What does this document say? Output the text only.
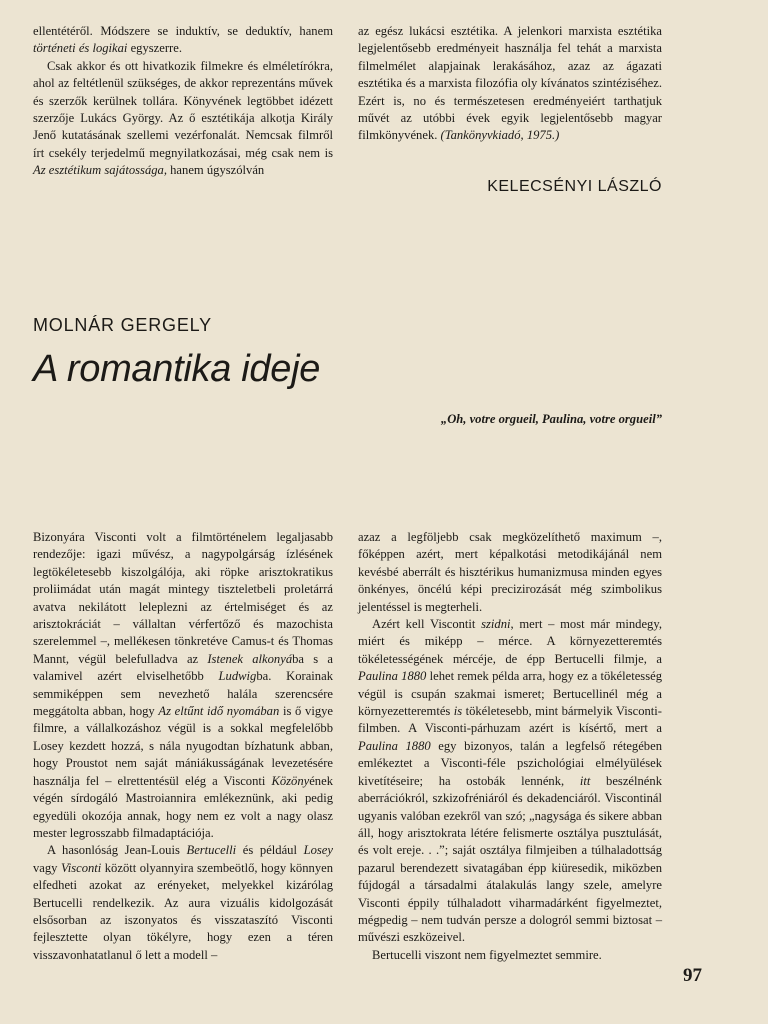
ellentétéről. Módszere se induktív, se deduktív, hanem történeti és logikai egyszerre.

Csak akkor és ott hivatkozik filmekre és elméletírókra, ahol az feltétlenül szükséges, de akkor reprezentáns művek és szerzők kerülnek tollára. Könyvének legtöbbet idézett szerzője Lukács György. Az ő esztétikája alkotja Király Jenő kutatásának szellemi vezérfonalát. Nemcsak filmről írt csekély terjedelmű megnyilatkozásai, még csak nem is Az esztétikum sajátossága, hanem úgyszólván

az egész lukácsi esztétika. A jelenkori marxista esztétika legjelentősebb eredményeit használja fel tehát a marxista filmelmélet alapjainak lerakásához, azaz az ágazati esztétika és a marxista filozófia oly kívánatos szintéziséhez. Ezért is, no és természetesen eredményeiért tarthatjuk művét az utóbbi évek egyik legjelentősebb magyar filmkönyvének. (Tankönyvkiadó, 1975.)

KELECSÉNYI LÁSZLÓ
MOLNÁR GERGELY
A romantika ideje
„Oh, votre orgueil, Paulina, votre orgueil”

Bizonyára Visconti volt a filmtörténelem legaljasabb rendezője: igazi művész, a nagypolgárság ízlésének legtökéletesebb kiszolgálója, aki röpke arisztokratikus proliimádat után magát mintegy tiszteletbeli proletárrá avatva nekilátott leleplezni az értelmiséget és az arisztokráciát – vállaltan vérfertőző és mazochista szerelemmel –, mellékesen tönkretéve Camus-t és Thomas Mannt, végül belefulladva az Istenek alkonyába s a valamivel azért elviselhetőbb Ludwigba. Korainak semmiképpen sem nevezhető halála szerencsére meggátolta abban, hogy Az eltűnt idő nyomában is ő vigye filmre, a vállalkozáshoz végül is a sokkal megfelelőbb Losey kezdett hozzá, s nála nyugodtan bízhatunk abban, hogy Proustot nem saját mániákusságának levezetésére használja fel – elrettentésül elég a Visconti Közönyének végén sírdogáló Mastroiannira emlékeznünk, aki pedig egyedüli okozója annak, hogy nem ez volt a nagy olasz mester legrosszabb filmadaptációja.

A hasonlóság Jean-Louis Bertucelli és például Losey vagy Visconti között olyannyira szembeötlő, hogy könnyen elfedheti azokat az erényeket, melyekkel kizárólag Bertucelli rendelkezik. Az aura vizuális kidolgozását elsősorban az iszonyatos és visszataszító Visconti fejlesztette olyan tökélyre, hogy ezen a téren visszavonhatatlanul ő lett a modell –

azaz a legföljebb csak megközelíthető maximum –, főképpen azért, mert képalkotási metodikájánál nem kevésbé aberrált és hisztérikus humanizmusa minden egyes önkényes, öncélú képi precizirozását még szimbolikus jelentéssel is megterheli.

Azért kell Viscontit szidni, mert – most már mindegy, miért és miképp – mérce. A környezetteremtés tökéletességének mércéje, de épp Bertucelli filmje, a Paulina 1880 lehet remek példa arra, hogy ez a tökéletesség végül is csupán szakmai ismeret; Bertucellinél még a környezetteremtés is tökéletesebb, mint bármelyik Visconti-filmben. A Visconti-párhuzam azért is kísértő, mert a Paulina 1880 egy bizonyos, talán a legfelső rétegében emlékeztet a Visconti-féle pszichológiai elmélyülések kivetítéseire; ha ostobák lennénk, itt beszélnénk aberrációkról, szkizofréniáról és dekadenciáról. Viscontinál ugyanis valóban ezekről van szó; „nagysága és sikere abban áll, hogy arisztokrata létére felismerte osztálya pusztulását, és volt ereje. . .”; saját osztálya filmjeiben a túlhaladottság pazarul berendezett sivatagában épp kiüresedik, miközben fújdogál a társadalmi átalakulás langy szele, amelyre Visconti éppily túlhaladott viharmadárként figyelmeztet, mégpedig – nem tudván persze a dologról semmi biztosat – művészi eszközeivel.

Bertucelli viszont nem figyelmeztet semmire.

97
